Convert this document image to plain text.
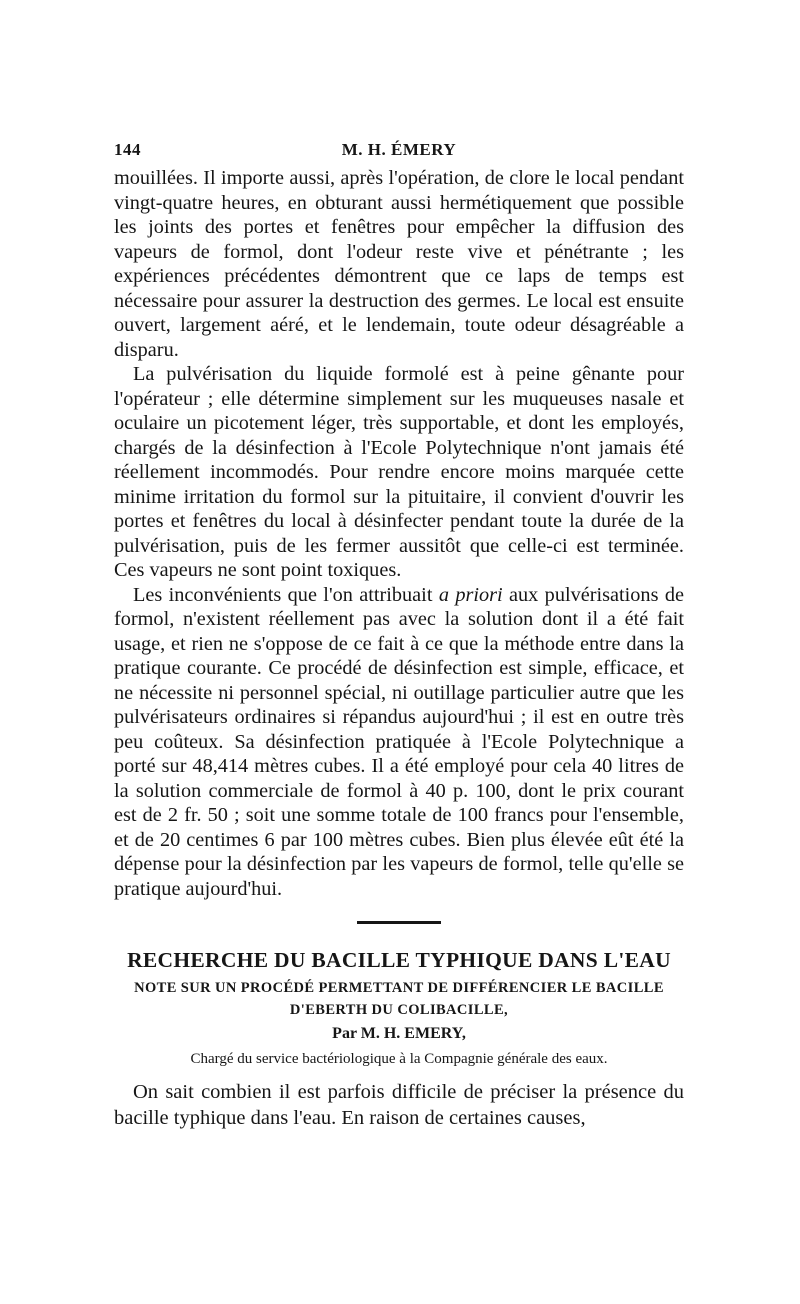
144	M. H. ÉMERY

mouillées. Il importe aussi, après l'opération, de clore le local pendant vingt-quatre heures, en obturant aussi hermétiquement que possible les joints des portes et fenêtres pour empêcher la diffusion des vapeurs de formol, dont l'odeur reste vive et pénétrante ; les expériences précédentes démontrent que ce laps de temps est nécessaire pour assurer la destruction des germes. Le local est ensuite ouvert, largement aéré, et le lendemain, toute odeur désagréable a disparu.

La pulvérisation du liquide formolé est à peine gênante pour l'opérateur ; elle détermine simplement sur les muqueuses nasale et oculaire un picotement léger, très supportable, et dont les employés, chargés de la désinfection à l'Ecole Polytechnique n'ont jamais été réellement incommodés. Pour rendre encore moins marquée cette minime irritation du formol sur la pituitaire, il convient d'ouvrir les portes et fenêtres du local à désinfecter pendant toute la durée de la pulvérisation, puis de les fermer aussitôt que celle-ci est terminée. Ces vapeurs ne sont point toxiques.

Les inconvénients que l'on attribuait a priori aux pulvérisations de formol, n'existent réellement pas avec la solution dont il a été fait usage, et rien ne s'oppose de ce fait à ce que la méthode entre dans la pratique courante. Ce procédé de désinfection est simple, efficace, et ne nécessite ni personnel spécial, ni outillage particulier autre que les pulvérisateurs ordinaires si répandus aujourd'hui ; il est en outre très peu coûteux. Sa désinfection pratiquée à l'Ecole Polytechnique a porté sur 48,414 mètres cubes. Il a été employé pour cela 40 litres de la solution commerciale de formol à 40 p. 100, dont le prix courant est de 2 fr. 50 ; soit une somme totale de 100 francs pour l'ensemble, et de 20 centimes 6 par 100 mètres cubes. Bien plus élevée eût été la dépense pour la désinfection par les vapeurs de formol, telle qu'elle se pratique aujourd'hui.

RECHERCHE DU BACILLE TYPHIQUE DANS L'EAU
NOTE SUR UN PROCÉDÉ PERMETTANT DE DIFFÉRENCIER LE BACILLE
D'EBERTH DU COLIBACILLE,
Par M. H. EMERY,
Chargé du service bactériologique à la Compagnie générale des eaux.

On sait combien il est parfois difficile de préciser la présence du bacille typhique dans l'eau. En raison de certaines causes,
